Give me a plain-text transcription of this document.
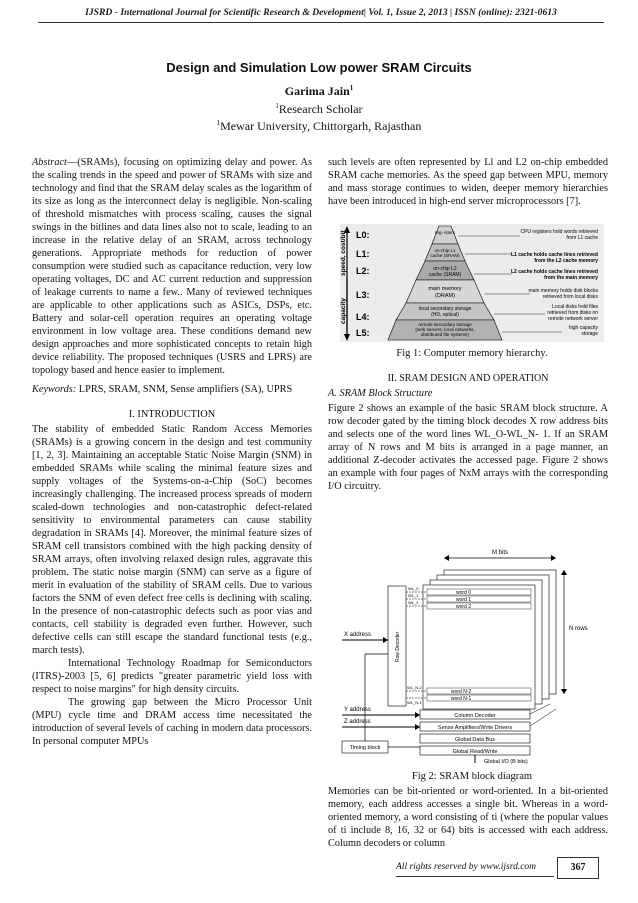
IJSRD - International Journal for Scientific Research & Development| Vol. 1, Issue 2, 2013 | ISSN (online): 2321-0613
Design and Simulation Low power SRAM Circuits
Garima Jain$^1$
$^1$Research Scholar
$^1$Mewar University, Chittorgarh, Rajasthan

Abstract—(SRAMs), focusing on optimizing delay and power. As the scaling trends in the speed and power of SRAMs with size and technology and find that the SRAM delay scales as the logarithm of its size as long as the interconnect delay is negligible. Non-scaling of threshold mismatches with process scaling, causes the signal swings in the bitlines and data lines also not to scale, leading to an increase in the relative delay of an SRAM, across technology generations. Appropriate methods for reduction of power consumption were studied such as capacitance reduction, very low operating voltages, DC and AC current reduction and suppression of leakage currents to name a few.. Many of reviewed techniques are applicable to other applications such as ASICs, DSPs, etc. Battery and solar-cell operation requires an operating voltage environment in low voltage area. These conditions demand new design approaches and more sophisticated concepts to retain high device reliability. The proposed techniques (USRS and LPRS) are topology based and hence easier to implement.

Keywords: LPRS, SRAM, SNM, Sense amplifiers (SA), UPRS

I. INTRODUCTION

The stability of embedded Static Random Access Memories (SRAMs) is a growing concern in the design and test community [1, 2, 3]. Maintaining an acceptable Static Noise Margin (SNM) in embedded SRAMs while scaling the minimal feature sizes and supply voltages of the Systems-on-a-Chip (SoC) becomes increasingly challenging. The increased process spreads of modern scaled-down technologies and non-catastrophic defect-related sensitivity to environmental parameters can cause stability degradation in SRAMs [4]. Moreover, the minimal feature sizes of SRAM cell transistors combined with the high packing density of SRAM arrays, often involving relaxed design rules, aggravate this problem. The static noise margin (SNM) can serve as a figure of merit in evaluation of the stability of SRAM cells. Due to various factors the SNM of even defect free cells is declining with scaling. In the presence of non-catastrophic defects such as poor vias and contacts, cell stability is degraded even further. However, such defective cells can still escape the standard functional tests (e.g., march tests).

International Technology Roadmap for Semiconductors (ITRS)-2003 [5, 6] predicts "greater parametric yield loss with respect to noise margins" for high density circuits.

The growing gap between the Micro Processor Unit (MPU) cycle time and DRAM access time necessitated the introduction of several levels of caching in modern data processors. In personal computer MPUs

such levels are often represented by Ll and L2 on-chip embedded SRAM cache memories. As the speed gap between MPU, memory and mass storage continues to widen, deeper memory hierarchies have been introduced in high-end server microprocessors [7].

speed, cost/bit
capacity
L0:
L1:
L2:
L3:
L4:
L5:
reg- isters
on-chip L1
cache (SRAM)
on-chip L2
cache (SRAM)
main memory
(DRAM)
local secondary storage
(HD, optical)
remote secondary storage
(web servers, local networks,
distributed file systems)
CPU registers hold words retrieved
from L1 cache
L1 cache holds cache lines retrieved
from the L2 cache memory
L2 cache holds cache lines retrieved
from the main memory
main memory holds disk blocks
retrieved from local disks
Local disks hold files
retrieved from disks on
remote network server
high capacity
storage
Fig 1: Computer memory hierarchy.
II. SRAM DESIGN AND OPERATION
A. SRAM Block Structure

Figure 2 shows an example of the basic SRAM block structure. A row decoder gated by the timing block decodes X row address bits and selects one of the word lines WL_O-WL_N- 1. If an SRAM array of N rows and M bits is arranged in a page manner, an additional Z-decoder activates the accessed page. Figure 2 shows an example with four pages of NxM arrays with the corresponding I/O circuitry.

M bits
N rows
word 0
word 1
word 2
word N-2
word N-1
Row Decoder
WL_0
WL_1
WL_2
WL_N-2
WL_N-1
X address
Column Decoder
Sense Amplifiers/Write Drivers
Global Data Bus
Global Read/Write
Y address
Z address
Timing block
Global I/O (B bits)
Fig 2: SRAM block diagram

Memories can be bit-oriented or word-oriented. In a bit-oriented memory, each address accesses a single bit. Whereas in a word-oriented memory, a word consisting of ti (where the popular values of ti include 8, 16, 32 or 64) bits is accessed with each address. Column decoders or column

All rights reserved by www.ijsrd.com	367
